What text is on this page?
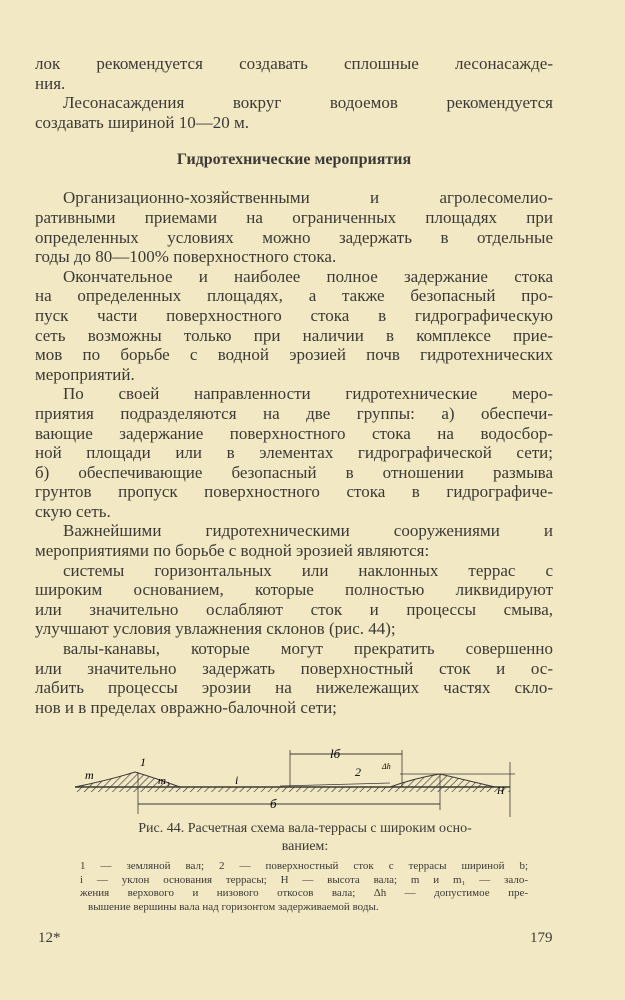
лок рекомендуется создавать сплошные лесонасажде-
ния.
Лесонасаждения вокруг водоемов рекомендуется
создавать шириной 10—20 м.
Гидротехнические мероприятия
Организационно-хозяйственными и агролесомелио-
ративными приемами на ограниченных площадях при
определенных условиях можно задержать в отдельные
годы до 80—100% поверхностного стока.
Окончательное и наиболее полное задержание стока
на определенных площадях, а также безопасный про-
пуск части поверхностного стока в гидрографическую
сеть возможны только при наличии в комплексе прие-
мов по борьбе с водной эрозией почв гидротехнических
мероприятий.
По своей направленности гидротехнические меро-
приятия подразделяются на две группы: а) обеспечи-
вающие задержание поверхностного стока на водосбор-
ной площади или в элементах гидрографической сети;
б) обеспечивающие безопасный в отношении размыва
грунтов пропуск поверхностного стока в гидрографиче-
скую сеть.
Важнейшими гидротехническими сооружениями и
мероприятиями по борьбе с водной эрозией являются:
системы горизонтальных или наклонных террас с
широким основанием, которые полностью ликвидируют
или значительно ослабляют сток и процессы смыва,
улучшают условия увлажнения склонов (рис. 44);
валы-канавы, которые могут прекратить совершенно
или значительно задержать поверхностный сток и ос-
лабить процессы эрозии на нижележащих частях скло-
нов и в пределах овражно-балочной сети;
m	m₁
1
i
lб
2	Δh
б
H
Рис. 44. Расчетная схема вала-террасы с широким осно-
ванием:
1 — земляной вал; 2 — поверхностный сток с террасы шириной b;
i — уклон основания террасы; H — высота вала; m и m₁ — зало-
жения верхового и низового откосов вала; Δh — допустимое пре-
вышение вершины вала над горизонтом задерживаемой воды.
12*	179
